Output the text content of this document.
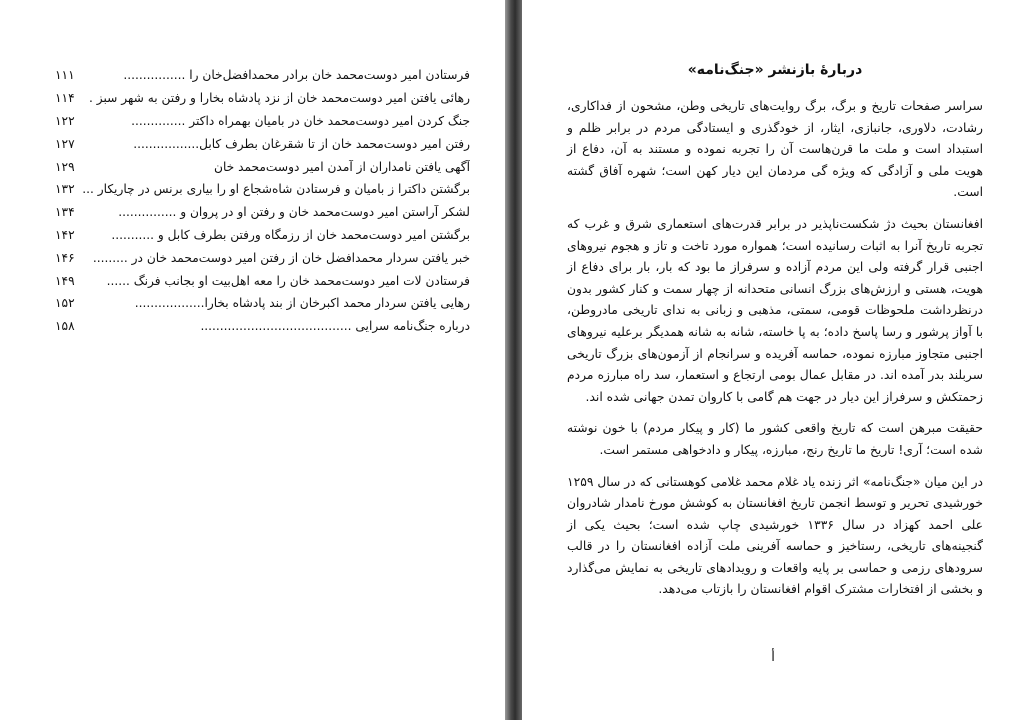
فرستادن امیر دوست‌محمد خان برادر محمدافضل‌خان را ................
۱۱۱
رهائی یافتن امیر دوست‌محمد خان از نزد پادشاه بخارا و رفتن به شهر سبز .
۱۱۴
جنگ کردن امیر دوست‌محمد خان در بامیان بهمراه داکتر ..............
۱۲۲
رفتن امیر دوست‌محمد خان از تا شقرغان بطرف کابل.................
۱۲۷
آگهی یافتن نامداران از آمدن امیر دوست‌محمد خان
۱۲۹
برگشتن داکترا ز بامیان و فرستادن شاه‌شجاع او را بیاری برنس در چاریکار ...
۱۳۲
لشکر آراستن امیر دوست‌محمد خان و رفتن او در پروان و ...............
۱۳۴
برگشتن امیر دوست‌محمد خان از رزمگاه ورفتن بطرف کابل و ...........
۱۴۲
خبر یافتن سردار محمدافضل خان از رفتن امیر دوست‌محمد خان در .........
۱۴۶
فرستادن لات امیر دوست‌محمد خان را معه اهل‌بیت او بجانب فرنگ ......
۱۴۹
رهایی یافتن سردار محمد اکبرخان از بند پادشاه بخارا..................
۱۵۲
درباره جنگ‌نامه سرایی .......................................
۱۵۸
دربارهٔ بازنشر «جنگ‌نامه»

سراسر صفحات تاریخ و برگ، برگ روایت‌های تاریخی وطن، مشحون از فداکاری، رشادت، دلاوری، جانبازی، ایثار، از خودگذری و ایستادگی مردم در برابر ظلم و استبداد است و ملت ما قرن‌هاست آن را تجربه نموده و مستند به آن، دفاع از هویت ملی و آزادگی که ویژه گی مردمان این دیار کهن است؛ شهره آفاق گشته است.

افغانستان بحیث دژ شکست‌ناپذیر در برابر قدرت‌های استعماری شرق و غرب که تجربه تاریخ آنرا به اثبات رسانیده است؛ همواره مورد تاخت و تاز و هجوم نیروهای اجنبی قرار گرفته ولی این مردم آزاده و سرفراز ما بود که بار، بار برای دفاع از هویت، هستی و ارزش‌های بزرگ انسانی متحدانه از چهار سمت و کنار کشور بدون درنظرداشت ملحوظات قومی، سمتی، مذهبی و زبانی به ندای تاریخی مادروطن، با آواز پرشور و رسا پاسخ داده؛ به پا خاسته، شانه به شانه همدیگر برعلیه نیروهای اجنبی متجاوز مبارزه نموده، حماسه آفریده و سرانجام از آزمون‌های بزرگ تاریخی سربلند بدر آمده اند. در مقابل عمال بومی ارتجاع و استعمار، سد راه مبارزه مردم زحمتکش و سرفراز این دیار در جهت هم گامی با کاروان تمدن جهانی شده اند.

حقیقت مبرهن است که تاریخ واقعی کشور ما (کار و پیکار مردم) با خون نوشته شده است؛ آری! تاریخ ما تاریخ رنج، مبارزه، پیکار و دادخواهی مستمر است.

در این میان «جنگ‌نامه» اثر زنده یاد غلام محمد غلامی کوهستانی که در سال ۱۲۵۹ خورشیدی تحریر و توسط انجمن تاریخ افغانستان به کوشش مورخ نامدار شادروان علی احمد کهزاد در سال ۱۳۳۶ خورشیدی چاپ شده است؛ بحیث یکی از گنجینه‌های تاریخی، رستاخیز و حماسه آفرینی ملت آزاده افغانستان را در قالب سرودهای رزمی و حماسی بر پایه واقعات و رویدادهای تاریخی به نمایش می‌گذارد و بخشی از افتخارات مشترک اقوام افغانستان را بازتاب می‌دهد.

أ
